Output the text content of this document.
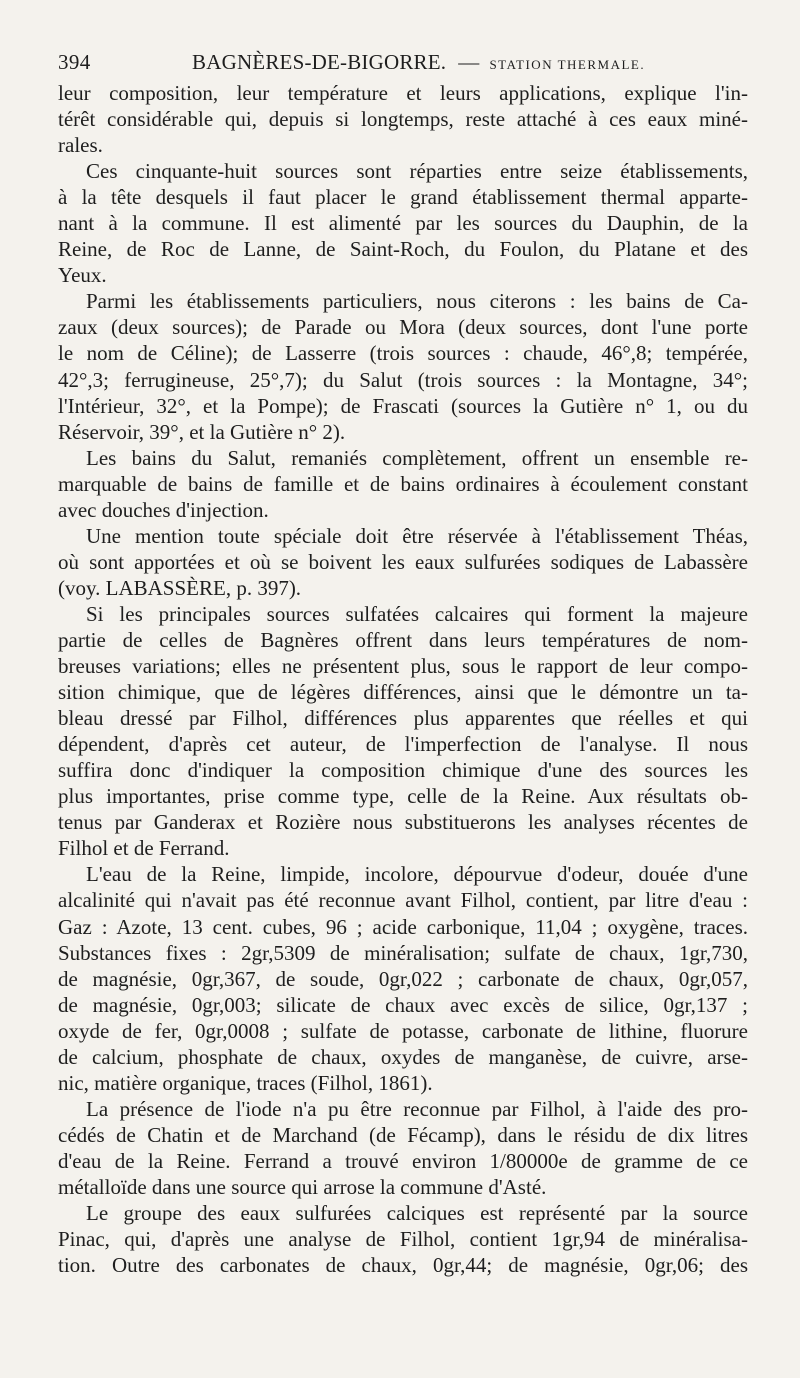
394	BAGNÈRES-DE-BIGORRE. — STATION THERMALE.
leur composition, leur température et leurs applications, explique l'in-
térêt considérable qui, depuis si longtemps, reste attaché à ces eaux miné-
rales.
Ces cinquante-huit sources sont réparties entre seize établissements,
à la tête desquels il faut placer le grand établissement thermal apparte-
nant à la commune. Il est alimenté par les sources du Dauphin, de la
Reine, de Roc de Lanne, de Saint-Roch, du Foulon, du Platane et des
Yeux.
Parmi les établissements particuliers, nous citerons : les bains de Ca-
zaux (deux sources); de Parade ou Mora (deux sources, dont l'une porte
le nom de Céline); de Lasserre (trois sources : chaude, 46°,8; tempérée,
42°,3; ferrugineuse, 25°,7); du Salut (trois sources : la Montagne, 34°;
l'Intérieur, 32°, et la Pompe); de Frascati (sources la Gutière n° 1, ou du
Réservoir, 39°, et la Gutière n° 2).
Les bains du Salut, remaniés complètement, offrent un ensemble re-
marquable de bains de famille et de bains ordinaires à écoulement constant
avec douches d'injection.
Une mention toute spéciale doit être réservée à l'établissement Théas,
où sont apportées et où se boivent les eaux sulfurées sodiques de Labassère
(voy. LABASSÈRE, p. 397).
Si les principales sources sulfatées calcaires qui forment la majeure
partie de celles de Bagnères offrent dans leurs températures de nom-
breuses variations; elles ne présentent plus, sous le rapport de leur compo-
sition chimique, que de légères différences, ainsi que le démontre un ta-
bleau dressé par Filhol, différences plus apparentes que réelles et qui
dépendent, d'après cet auteur, de l'imperfection de l'analyse. Il nous
suffira donc d'indiquer la composition chimique d'une des sources les
plus importantes, prise comme type, celle de la Reine. Aux résultats ob-
tenus par Ganderax et Rozière nous substituerons les analyses récentes de
Filhol et de Ferrand.
L'eau de la Reine, limpide, incolore, dépourvue d'odeur, douée d'une
alcalinité qui n'avait pas été reconnue avant Filhol, contient, par litre d'eau :
Gaz : Azote, 13 cent. cubes, 96 ; acide carbonique, 11,04 ; oxygène, traces.
Substances fixes : 2gr,5309 de minéralisation; sulfate de chaux, 1gr,730,
de magnésie, 0gr,367, de soude, 0gr,022 ; carbonate de chaux, 0gr,057,
de magnésie, 0gr,003; silicate de chaux avec excès de silice, 0gr,137 ;
oxyde de fer, 0gr,0008 ; sulfate de potasse, carbonate de lithine, fluorure
de calcium, phosphate de chaux, oxydes de manganèse, de cuivre, arse-
nic, matière organique, traces (Filhol, 1861).
La présence de l'iode n'a pu être reconnue par Filhol, à l'aide des pro-
cédés de Chatin et de Marchand (de Fécamp), dans le résidu de dix litres
d'eau de la Reine. Ferrand a trouvé environ 1/80000e de gramme de ce
métalloïde dans une source qui arrose la commune d'Asté.
Le groupe des eaux sulfurées calciques est représenté par la source
Pinac, qui, d'après une analyse de Filhol, contient 1gr,94 de minéralisa-
tion. Outre des carbonates de chaux, 0gr,44; de magnésie, 0gr,06; des
